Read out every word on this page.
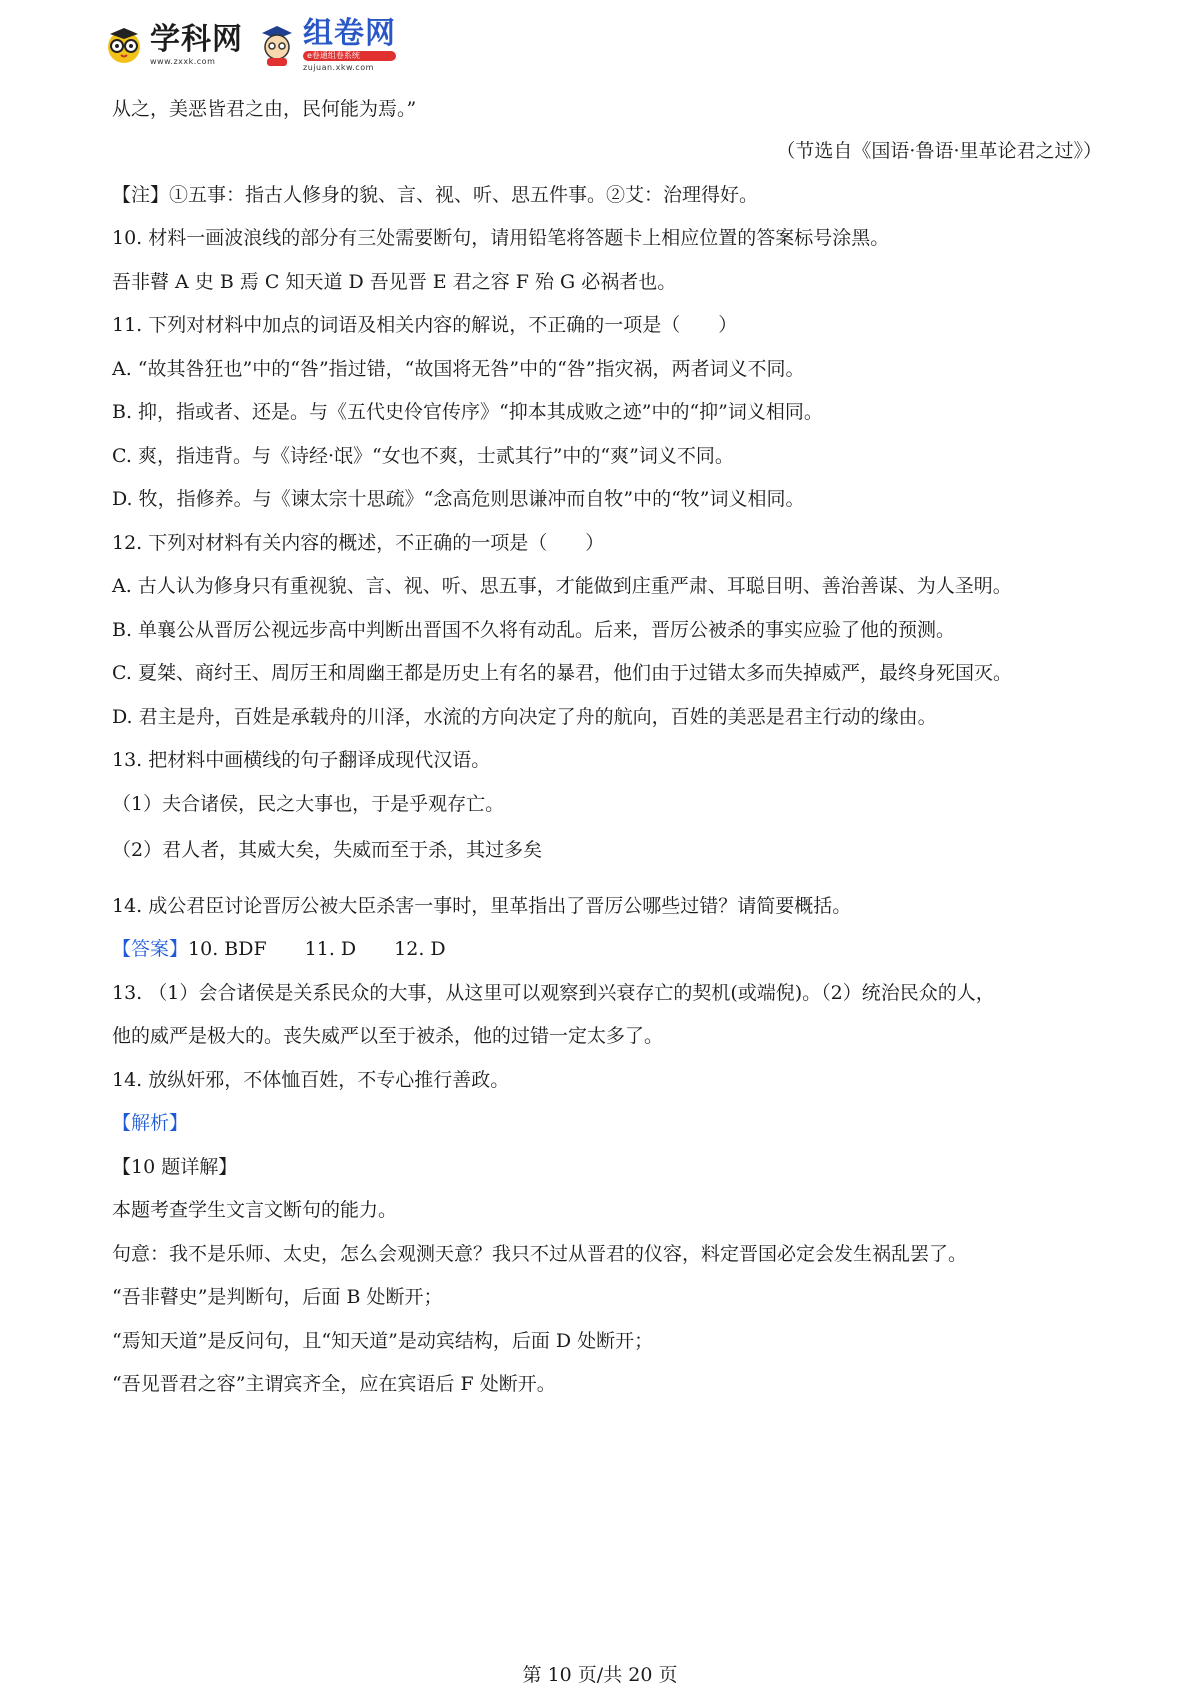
学科网
www.zxxk.com
组卷网
e卷通组卷系统
zujuan.xkw.com

从之，美恶皆君之由，民何能为焉。”

（节选自《国语·鲁语·里革论君之过》）

【注】①五事：指古人修身的貌、言、视、听、思五件事。②艾：治理得好。

10. 材料一画波浪线的部分有三处需要断句，请用铅笔将答题卡上相应位置的答案标号涂黑。

吾非瞽 A 史 B 焉 C 知天道 D 吾见晋 E 君之容 F 殆 G 必祸者也。

11. 下列对材料中加点的词语及相关内容的解说，不正确的一项是（　　）

A. “故其咎狂也”中的“咎”指过错，“故国将无咎”中的“咎”指灾祸，两者词义不同。

B. 抑，指或者、还是。与《五代史伶官传序》“抑本其成败之迹”中的“抑”词义相同。

C. 爽，指违背。与《诗经·氓》“女也不爽，士贰其行”中的“爽”词义不同。

D. 牧，指修养。与《谏太宗十思疏》“念高危则思谦冲而自牧”中的“牧”词义相同。

12. 下列对材料有关内容的概述，不正确的一项是（　　）

A. 古人认为修身只有重视貌、言、视、听、思五事，才能做到庄重严肃、耳聪目明、善治善谋、为人圣明。

B. 单襄公从晋厉公视远步高中判断出晋国不久将有动乱。后来，晋厉公被杀的事实应验了他的预测。

C. 夏桀、商纣王、周厉王和周幽王都是历史上有名的暴君，他们由于过错太多而失掉威严，最终身死国灭。

D. 君主是舟，百姓是承载舟的川泽，水流的方向决定了舟的航向，百姓的美恶是君主行动的缘由。

13. 把材料中画横线的句子翻译成现代汉语。

（1）夫合诸侯，民之大事也，于是乎观存亡。

（2）君人者，其威大矣，失威而至于杀，其过多矣

14. 成公君臣讨论晋厉公被大臣杀害一事时，里革指出了晋厉公哪些过错？请简要概括。

【答案】10. BDF　　11. D　　12. D

13. （1）会合诸侯是关系民众的大事，从这里可以观察到兴衰存亡的契机(或端倪)。（2）统治民众的人，

他的威严是极大的。丧失威严以至于被杀，他的过错一定太多了。

14. 放纵奸邪，不体恤百姓，不专心推行善政。

【解析】

【10 题详解】

本题考查学生文言文断句的能力。

句意：我不是乐师、太史，怎么会观测天意？我只不过从晋君的仪容，料定晋国必定会发生祸乱罢了。

“吾非瞽史”是判断句，后面 B 处断开；

“焉知天道”是反问句，且“知天道”是动宾结构，后面 D 处断开；

“吾见晋君之容”主谓宾齐全，应在宾语后 F 处断开。

第 10 页/共 20 页
